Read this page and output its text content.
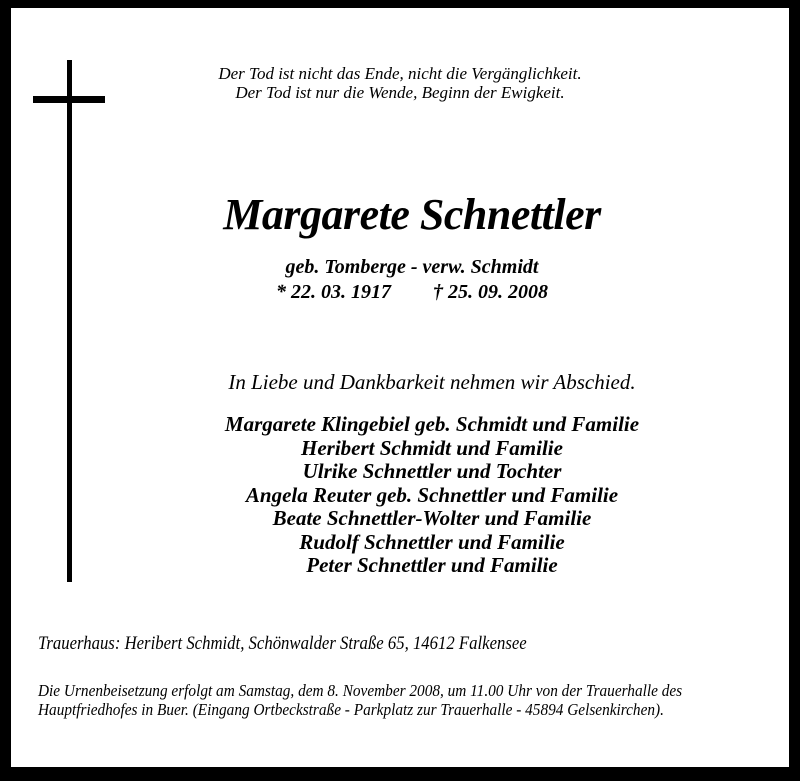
Der Tod ist nicht das Ende, nicht die Vergänglichkeit.
Der Tod ist nur die Wende, Beginn der Ewigkeit.
Margarete Schnettler
geb. Tomberge - verw. Schmidt
* 22. 03. 1917 † 25. 09. 2008
In Liebe und Dankbarkeit nehmen wir Abschied.
Margarete Klingebiel geb. Schmidt und Familie
Heribert Schmidt und Familie
Ulrike Schnettler und Tochter
Angela Reuter geb. Schnettler und Familie
Beate Schnettler-Wolter und Familie
Rudolf Schnettler und Familie
Peter Schnettler und Familie
Trauerhaus: Heribert Schmidt, Schönwalder Straße 65, 14612 Falkensee
Die Urnenbeisetzung erfolgt am Samstag, dem 8. November 2008, um 11.00 Uhr von der Trauerhalle des Hauptfriedhofes in Buer. (Eingang Ortbeckstraße - Parkplatz zur Trauerhalle - 45894 Gelsenkirchen).
